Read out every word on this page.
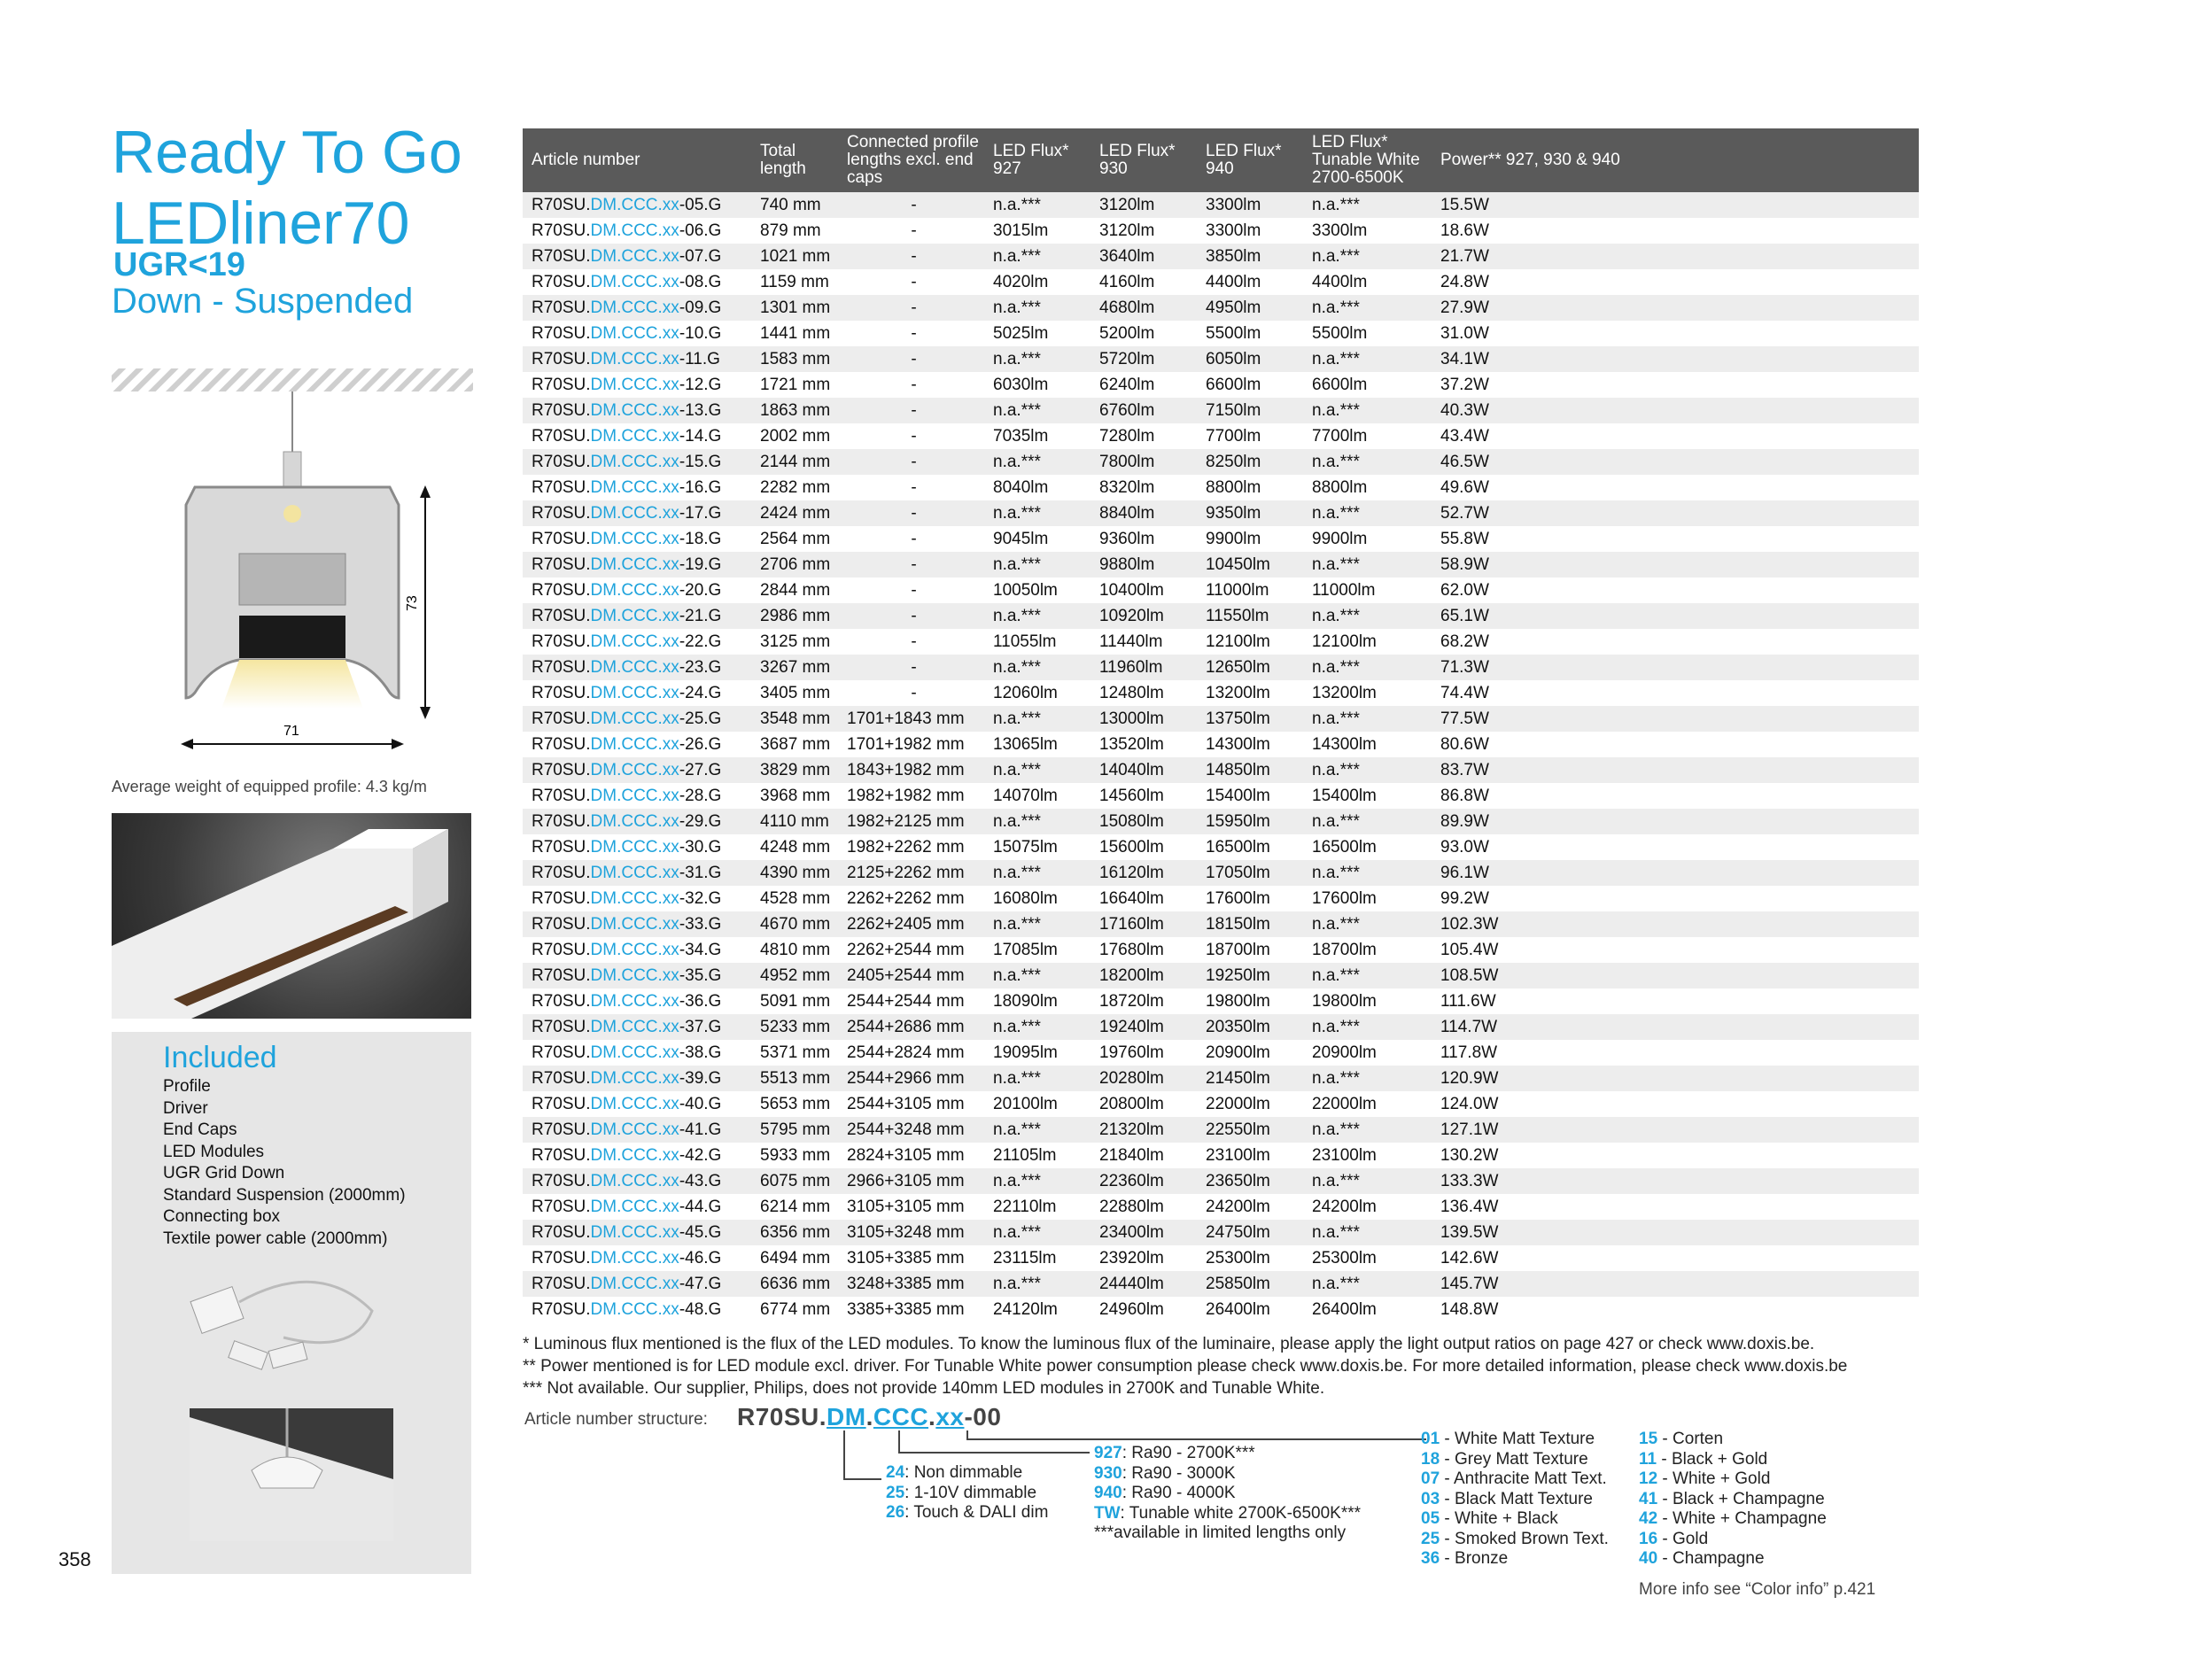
Ready To Go
LEDliner70
UGR<19
Down - Suspended
73
71
Average weight of equipped profile: 4.3 kg/m
Included
Profile
Driver
End Caps
LED Modules
UGR Grid Down
Standard Suspension (2000mm)
Connecting box
Textile power cable (2000mm)
358
Article number	Total length	Connected profile lengths excl. end caps	LED Flux* 927	LED Flux* 930	LED Flux* 940	LED Flux* Tunable White 2700-6500K	Power** 927, 930 & 940
R70SU.DM.CCC.xx-05.G	740 mm	-	n.a.***	3120lm	3300lm	n.a.***	15.5W
R70SU.DM.CCC.xx-06.G	879 mm	-	3015lm	3120lm	3300lm	3300lm	18.6W
R70SU.DM.CCC.xx-07.G	1021 mm	-	n.a.***	3640lm	3850lm	n.a.***	21.7W
R70SU.DM.CCC.xx-08.G	1159 mm	-	4020lm	4160lm	4400lm	4400lm	24.8W
R70SU.DM.CCC.xx-09.G	1301 mm	-	n.a.***	4680lm	4950lm	n.a.***	27.9W
R70SU.DM.CCC.xx-10.G	1441 mm	-	5025lm	5200lm	5500lm	5500lm	31.0W
R70SU.DM.CCC.xx-11.G	1583 mm	-	n.a.***	5720lm	6050lm	n.a.***	34.1W
R70SU.DM.CCC.xx-12.G	1721 mm	-	6030lm	6240lm	6600lm	6600lm	37.2W
R70SU.DM.CCC.xx-13.G	1863 mm	-	n.a.***	6760lm	7150lm	n.a.***	40.3W
R70SU.DM.CCC.xx-14.G	2002 mm	-	7035lm	7280lm	7700lm	7700lm	43.4W
R70SU.DM.CCC.xx-15.G	2144 mm	-	n.a.***	7800lm	8250lm	n.a.***	46.5W
R70SU.DM.CCC.xx-16.G	2282 mm	-	8040lm	8320lm	8800lm	8800lm	49.6W
R70SU.DM.CCC.xx-17.G	2424 mm	-	n.a.***	8840lm	9350lm	n.a.***	52.7W
R70SU.DM.CCC.xx-18.G	2564 mm	-	9045lm	9360lm	9900lm	9900lm	55.8W
R70SU.DM.CCC.xx-19.G	2706 mm	-	n.a.***	9880lm	10450lm	n.a.***	58.9W
R70SU.DM.CCC.xx-20.G	2844 mm	-	10050lm	10400lm	11000lm	11000lm	62.0W
R70SU.DM.CCC.xx-21.G	2986 mm	-	n.a.***	10920lm	11550lm	n.a.***	65.1W
R70SU.DM.CCC.xx-22.G	3125 mm	-	11055lm	11440lm	12100lm	12100lm	68.2W
R70SU.DM.CCC.xx-23.G	3267 mm	-	n.a.***	11960lm	12650lm	n.a.***	71.3W
R70SU.DM.CCC.xx-24.G	3405 mm	-	12060lm	12480lm	13200lm	13200lm	74.4W
R70SU.DM.CCC.xx-25.G	3548 mm	1701+1843 mm	n.a.***	13000lm	13750lm	n.a.***	77.5W
R70SU.DM.CCC.xx-26.G	3687 mm	1701+1982 mm	13065lm	13520lm	14300lm	14300lm	80.6W
R70SU.DM.CCC.xx-27.G	3829 mm	1843+1982 mm	n.a.***	14040lm	14850lm	n.a.***	83.7W
R70SU.DM.CCC.xx-28.G	3968 mm	1982+1982 mm	14070lm	14560lm	15400lm	15400lm	86.8W
R70SU.DM.CCC.xx-29.G	4110 mm	1982+2125 mm	n.a.***	15080lm	15950lm	n.a.***	89.9W
R70SU.DM.CCC.xx-30.G	4248 mm	1982+2262 mm	15075lm	15600lm	16500lm	16500lm	93.0W
R70SU.DM.CCC.xx-31.G	4390 mm	2125+2262 mm	n.a.***	16120lm	17050lm	n.a.***	96.1W
R70SU.DM.CCC.xx-32.G	4528 mm	2262+2262 mm	16080lm	16640lm	17600lm	17600lm	99.2W
R70SU.DM.CCC.xx-33.G	4670 mm	2262+2405 mm	n.a.***	17160lm	18150lm	n.a.***	102.3W
R70SU.DM.CCC.xx-34.G	4810 mm	2262+2544 mm	17085lm	17680lm	18700lm	18700lm	105.4W
R70SU.DM.CCC.xx-35.G	4952 mm	2405+2544 mm	n.a.***	18200lm	19250lm	n.a.***	108.5W
R70SU.DM.CCC.xx-36.G	5091 mm	2544+2544 mm	18090lm	18720lm	19800lm	19800lm	111.6W
R70SU.DM.CCC.xx-37.G	5233 mm	2544+2686 mm	n.a.***	19240lm	20350lm	n.a.***	114.7W
R70SU.DM.CCC.xx-38.G	5371 mm	2544+2824 mm	19095lm	19760lm	20900lm	20900lm	117.8W
R70SU.DM.CCC.xx-39.G	5513 mm	2544+2966 mm	n.a.***	20280lm	21450lm	n.a.***	120.9W
R70SU.DM.CCC.xx-40.G	5653 mm	2544+3105 mm	20100lm	20800lm	22000lm	22000lm	124.0W
R70SU.DM.CCC.xx-41.G	5795 mm	2544+3248 mm	n.a.***	21320lm	22550lm	n.a.***	127.1W
R70SU.DM.CCC.xx-42.G	5933 mm	2824+3105 mm	21105lm	21840lm	23100lm	23100lm	130.2W
R70SU.DM.CCC.xx-43.G	6075 mm	2966+3105 mm	n.a.***	22360lm	23650lm	n.a.***	133.3W
R70SU.DM.CCC.xx-44.G	6214 mm	3105+3105 mm	22110lm	22880lm	24200lm	24200lm	136.4W
R70SU.DM.CCC.xx-45.G	6356 mm	3105+3248 mm	n.a.***	23400lm	24750lm	n.a.***	139.5W
R70SU.DM.CCC.xx-46.G	6494 mm	3105+3385 mm	23115lm	23920lm	25300lm	25300lm	142.6W
R70SU.DM.CCC.xx-47.G	6636 mm	3248+3385 mm	n.a.***	24440lm	25850lm	n.a.***	145.7W
R70SU.DM.CCC.xx-48.G	6774 mm	3385+3385 mm	24120lm	24960lm	26400lm	26400lm	148.8W
* Luminous flux mentioned is the flux of the LED modules. To know the luminous flux of the luminaire, please apply the light output ratios on page 427 or check www.doxis.be.
** Power mentioned is for LED module excl. driver. For Tunable White power consumption please check www.doxis.be. For more detailed information, please check www.doxis.be
*** Not available. Our supplier, Philips, does not provide 140mm LED modules in 2700K and Tunable White.
Article number structure: R70SU.DM.CCC.xx-00
24: Non dimmable
25: 1-10V dimmable
26: Touch & DALI dim
927: Ra90 - 2700K***
930: Ra90 - 3000K
940: Ra90 - 4000K
TW: Tunable white 2700K-6500K***
***available in limited lengths only
01 - White Matt Texture
18 - Grey Matt Texture
07 - Anthracite Matt Text.
03 - Black Matt Texture
05 - White + Black
25 - Smoked Brown Text.
36 - Bronze
15 - Corten
11 - Black + Gold
12 - White + Gold
41 - Black + Champagne
42 - White + Champagne
16 - Gold
40 - Champagne
More info see “Color info” p.421
